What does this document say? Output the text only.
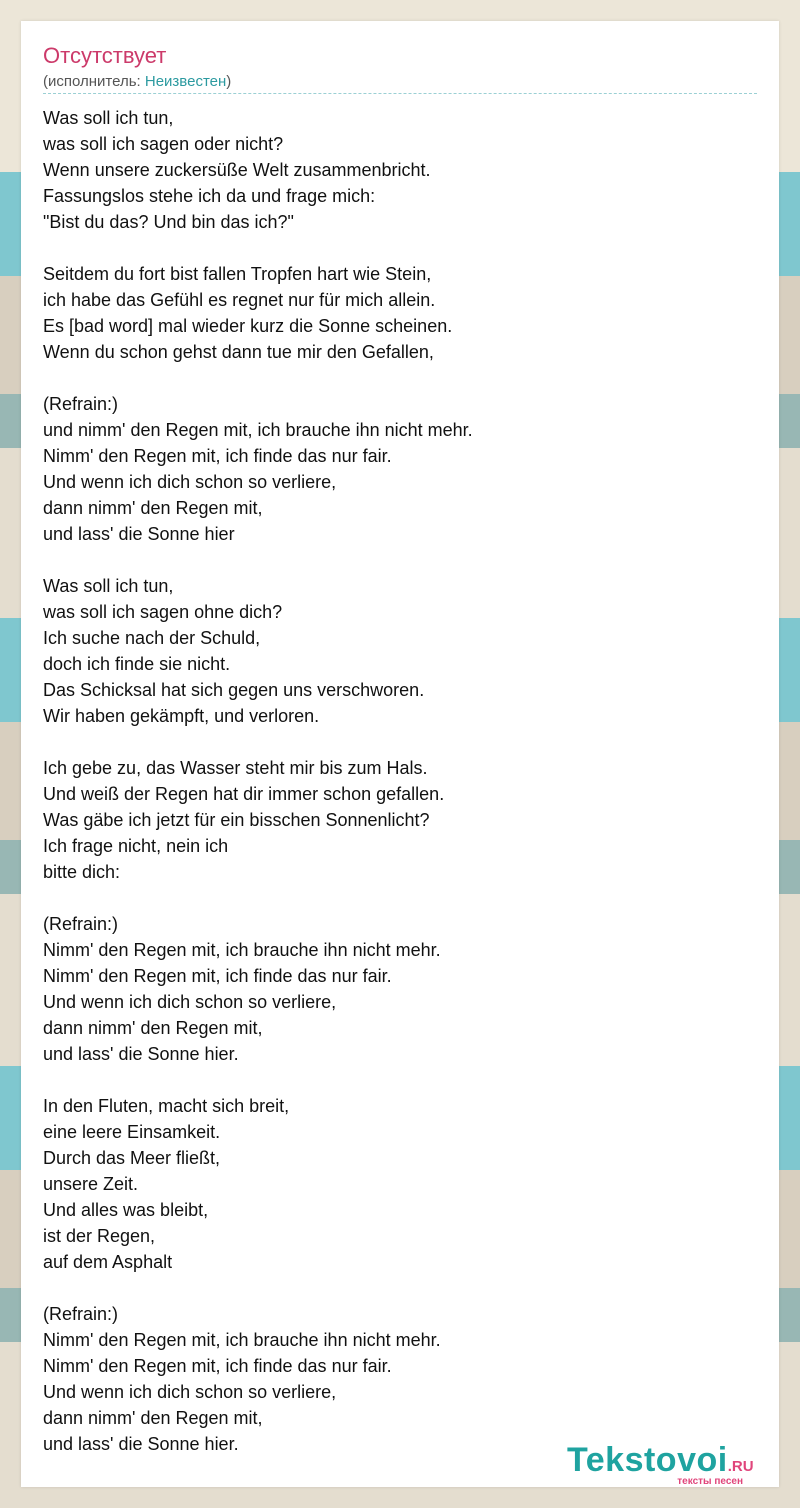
Отсутствует
(исполнитель: Неизвестен)
Was soll ich tun,
was soll ich sagen oder nicht?
Wenn unsere zuckersüße Welt zusammenbricht.
Fassungslos stehe ich da und frage mich:
"Bist du das? Und bin das ich?"

Seitdem du fort bist fallen Tropfen hart wie Stein,
ich habe das Gefühl es regnet nur für mich allein.
Es [bad word] mal wieder kurz die Sonne scheinen.
Wenn du schon gehst dann tue mir den Gefallen,

(Refrain:)
und nimm' den Regen mit, ich brauche ihn nicht mehr.
Nimm' den Regen mit, ich finde das nur fair.
Und wenn ich dich schon so verliere,
dann nimm' den Regen mit,
und lass' die Sonne hier

Was soll ich tun,
was soll ich sagen ohne dich?
Ich suche nach der Schuld,
doch ich finde sie nicht.
Das Schicksal hat sich gegen uns verschworen.
Wir haben gekämpft, und verloren.

Ich gebe zu, das Wasser steht mir bis zum Hals.
Und weiß der Regen hat dir immer schon gefallen.
Was gäbe ich jetzt für ein bisschen Sonnenlicht?
Ich frage nicht, nein ich
bitte dich:

(Refrain:)
Nimm' den Regen mit, ich brauche ihn nicht mehr.
Nimm' den Regen mit, ich finde das nur fair.
Und wenn ich dich schon so verliere,
dann nimm' den Regen mit,
und lass' die Sonne hier.

In den Fluten, macht sich breit,
eine leere Einsamkeit.
Durch das Meer fließt,
unsere Zeit.
Und alles was bleibt,
ist der Regen,
auf dem Asphalt

(Refrain:)
Nimm' den Regen mit, ich brauche ihn nicht mehr.
Nimm' den Regen mit, ich finde das nur fair.
Und wenn ich dich schon so verliere,
dann nimm' den Regen mit,
und lass' die Sonne hier.	Tekstovoi.RU
тексты песен
